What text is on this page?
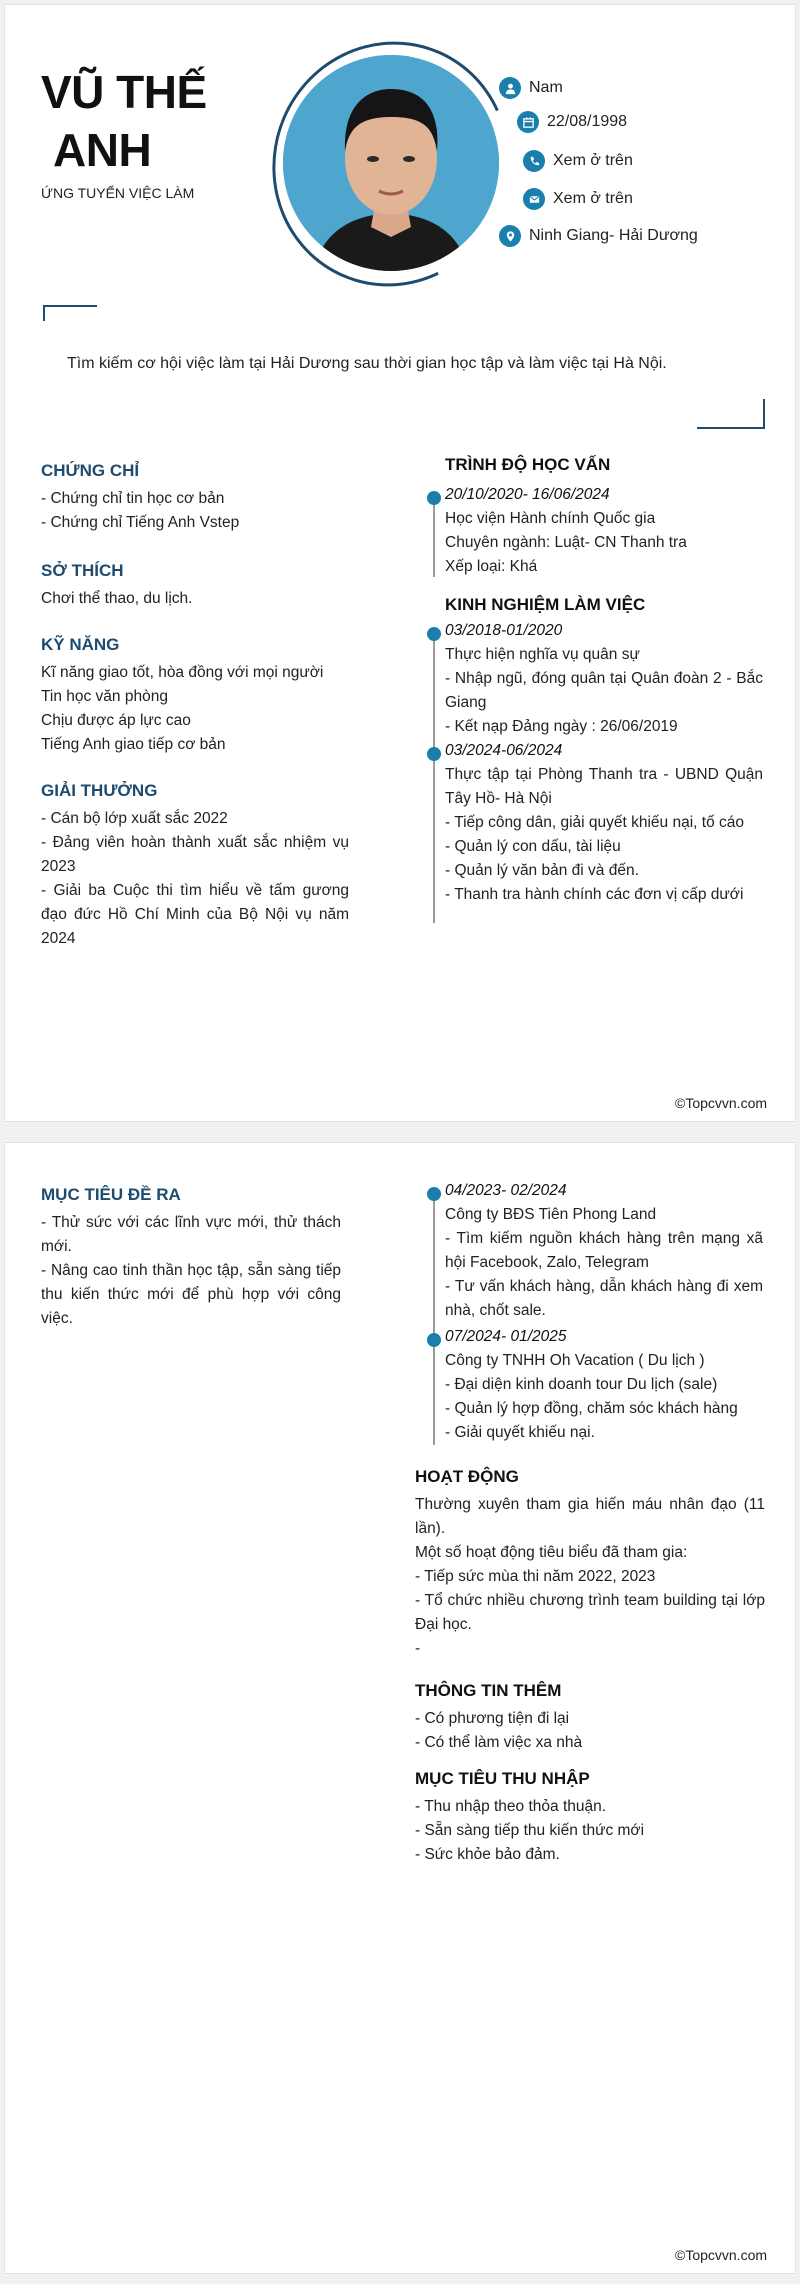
VŨ THẾ
ANH
ỨNG TUYỂN VIỆC LÀM
Nam
22/08/1998
Xem ở trên
Xem ở trên
Ninh Giang- Hải Dương
Tìm kiếm cơ hội việc làm tại Hải Dương sau thời gian học tập và làm việc tại Hà Nội.
CHỨNG CHỈ
- Chứng chỉ tin học cơ bản
- Chứng chỉ Tiếng Anh Vstep
SỞ THÍCH
Chơi thể thao, du lịch.
KỸ NĂNG
Kĩ năng giao tốt, hòa đồng với mọi người
Tin học văn phòng
Chịu được áp lực cao
Tiếng Anh giao tiếp cơ bản
GIẢI THƯỞNG
- Cán bộ lớp xuất sắc 2022
- Đảng viên hoàn thành xuất sắc nhiệm vụ 2023
- Giải ba Cuộc thi tìm hiểu về tấm gương đạo đức Hồ Chí Minh của Bộ Nội vụ năm 2024
TRÌNH ĐỘ HỌC VẤN
20/10/2020- 16/06/2024
Học viện Hành chính Quốc gia
Chuyên ngành: Luật- CN Thanh tra
Xếp loại: Khá
KINH NGHIỆM LÀM VIỆC
03/2018-01/2020
Thực hiện nghĩa vụ quân sự
- Nhập ngũ, đóng quân tại Quân đoàn 2 - Bắc Giang
- Kết nạp Đảng ngày : 26/06/2019
03/2024-06/2024
Thực tập tại Phòng Thanh tra - UBND Quận Tây Hồ- Hà Nội
- Tiếp công dân, giải quyết khiếu nại, tố cáo
- Quản lý con dấu, tài liệu
- Quản lý văn bản đi và đến.
- Thanh tra hành chính các đơn vị cấp dưới
©Topcvvn.com
MỤC TIÊU ĐỀ RA
- Thử sức với các lĩnh vực mới, thử thách mới.
- Nâng cao tinh thần học tập, sẵn sàng tiếp thu kiến thức mới để phù hợp với công việc.
04/2023- 02/2024
Công ty BĐS Tiên Phong Land
- Tìm kiếm nguồn khách hàng trên mạng xã hội Facebook, Zalo, Telegram
- Tư vấn khách hàng, dẫn khách hàng đi xem nhà, chốt sale.
07/2024- 01/2025
Công ty TNHH Oh Vacation ( Du lịch )
- Đại diện kinh doanh tour Du lịch (sale)
- Quản lý hợp đồng, chăm sóc khách hàng
- Giải quyết khiếu nại.
HOẠT ĐỘNG
Thường xuyên tham gia hiến máu nhân đạo (11 lần).
Một số hoạt động tiêu biểu đã tham gia:
- Tiếp sức mùa thi năm 2022, 2023
- Tổ chức nhiều chương trình team building tại lớp Đại học.
-
THÔNG TIN THÊM
- Có phương tiện đi lại
- Có thể làm việc xa nhà
MỤC TIÊU THU NHẬP
- Thu nhập theo thỏa thuận.
- Sẵn sàng tiếp thu kiến thức mới
- Sức khỏe bảo đảm.
©Topcvvn.com
